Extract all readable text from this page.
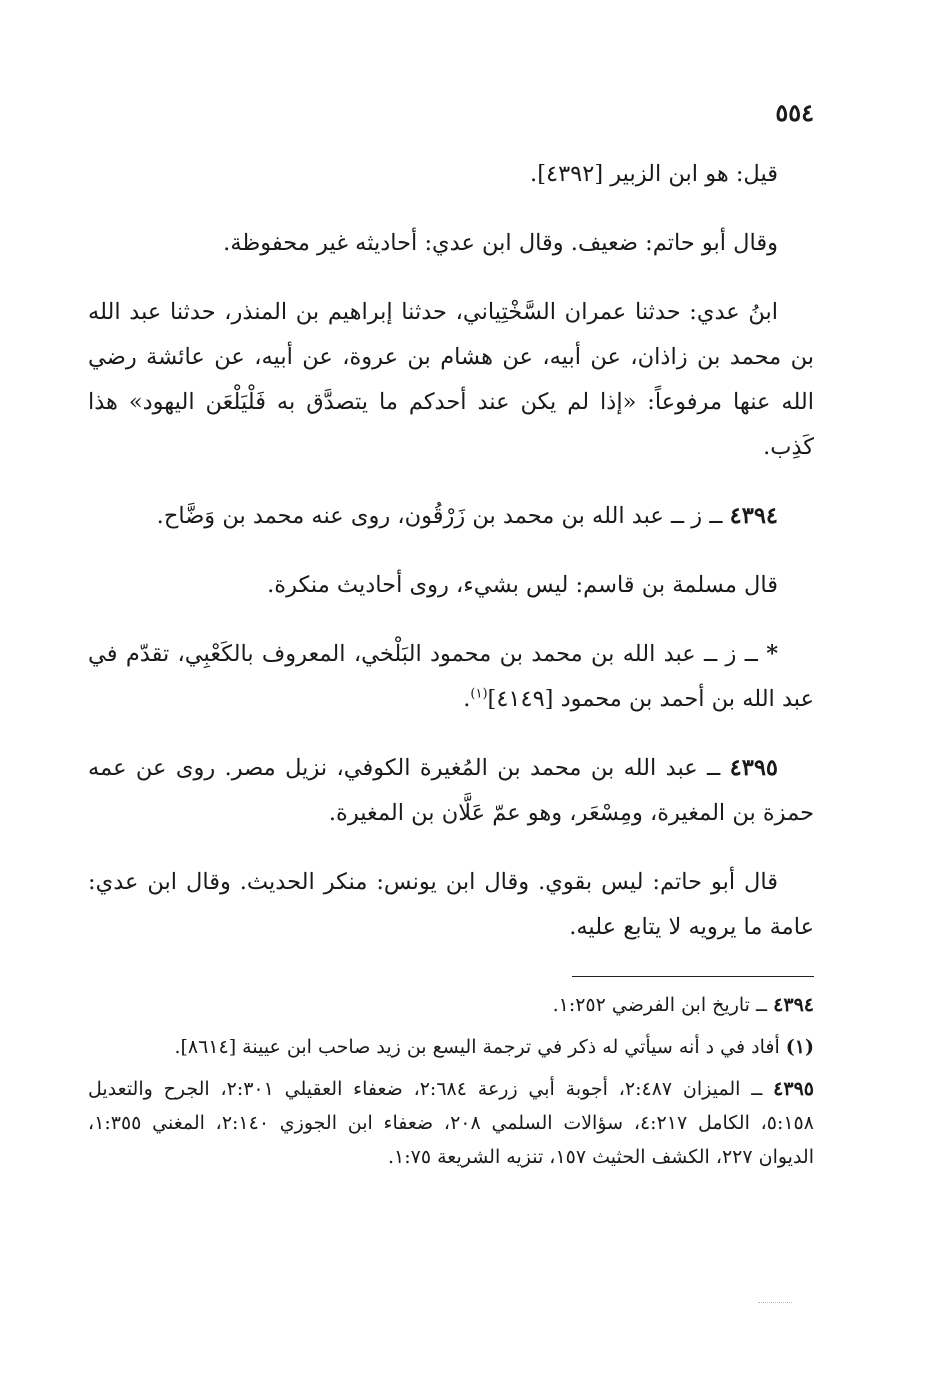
٥٥٤

قيل: هو ابن الزبير [٤٣٩٢].

وقال أبو حاتم: ضعيف. وقال ابن عدي: أحاديثه غير محفوظة.

ابنُ عدي: حدثنا عمران السَّخْتِياني، حدثنا إبراهيم بن المنذر، حدثنا عبد الله بن محمد بن زاذان، عن أبيه، عن هشام بن عروة، عن أبيه، عن عائشة رضي الله عنها مرفوعاً: «إذا لم يكن عند أحدكم ما يتصدَّق به فَلْيَلْعَن اليهود» هذا كَذِب.

٤٣٩٤ ــ ز ــ عبد الله بن محمد بن زَرْقُون، روى عنه محمد بن وَضَّاح.

قال مسلمة بن قاسم: ليس بشيء، روى أحاديث منكرة.

* ــ ز ــ عبد الله بن محمد بن محمود البَلْخي، المعروف بالكَعْبِي، تقدّم في عبد الله بن أحمد بن محمود [٤١٤٩]$^{(١)}$.

٤٣٩٥ ــ عبد الله بن محمد بن المُغيرة الكوفي، نزيل مصر. روى عن عمه حمزة بن المغيرة، ومِسْعَر، وهو عمّ عَلَّان بن المغيرة.

قال أبو حاتم: ليس بقوي. وقال ابن يونس: منكر الحديث. وقال ابن عدي: عامة ما يرويه لا يتابع عليه.

٤٣٩٤ ــ تاريخ ابن الفرضي ١:٢٥٢.

(١) أفاد في د أنه سيأتي له ذكر في ترجمة اليسع بن زيد صاحب ابن عيينة [٨٦١٤].

٤٣٩٥ ــ الميزان ٢:٤٨٧، أجوبة أبي زرعة ٢:٦٨٤، ضعفاء العقيلي ٢:٣٠١، الجرح والتعديل ٥:١٥٨، الكامل ٤:٢١٧، سؤالات السلمي ٢٠٨، ضعفاء ابن الجوزي ٢:١٤٠، المغني ١:٣٥٥، الديوان ٢٢٧، الكشف الحثيث ١٥٧، تنزيه الشريعة ١:٧٥.
